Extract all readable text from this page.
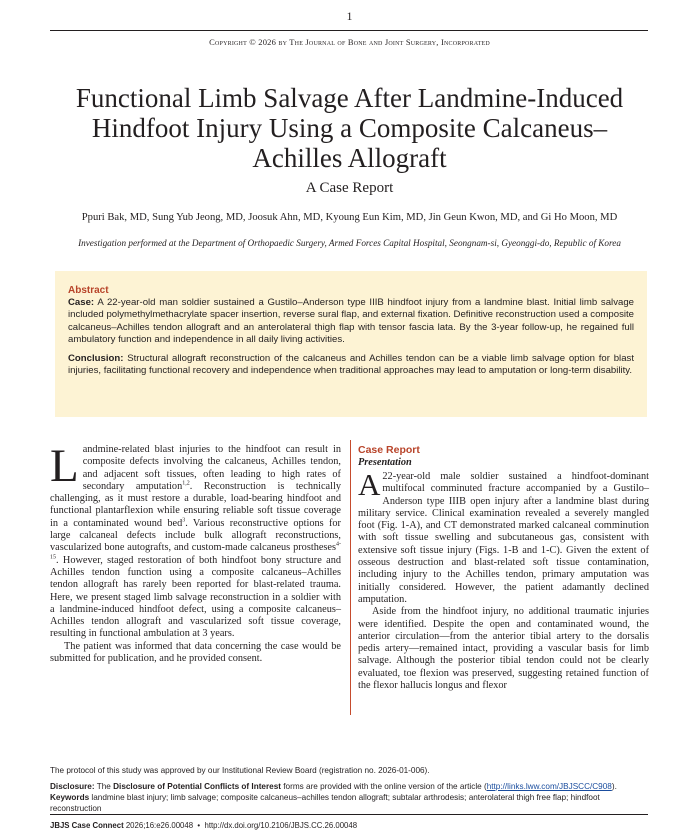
1
Copyright © 2026 by The Journal of Bone and Joint Surgery, Incorporated
Functional Limb Salvage After Landmine-Induced
Hindfoot Injury Using a Composite Calcaneus–
Achilles Allograft
A Case Report
Ppuri Bak, MD, Sung Yub Jeong, MD, Joosuk Ahn, MD, Kyoung Eun Kim, MD, Jin Geun Kwon, MD, and Gi Ho Moon, MD
Investigation performed at the Department of Orthopaedic Surgery, Armed Forces Capital Hospital, Seongnam-si, Gyeonggi-do, Republic of Korea
Abstract

Case: A 22-year-old man soldier sustained a Gustilo–Anderson type IIIB hindfoot injury from a landmine blast. Initial limb salvage included polymethylmethacrylate spacer insertion, reverse sural flap, and external fixation. Definitive reconstruction used a composite calcaneus–Achilles tendon allograft and an anterolateral thigh flap with tensor fascia lata. By the 3-year follow-up, he regained full ambulatory function and independence in all daily living activities.

Conclusion: Structural allograft reconstruction of the calcaneus and Achilles tendon can be a viable limb salvage option for blast injuries, facilitating functional recovery and independence when traditional approaches may lead to amputation or long-term disability.

Landmine-related blast injuries to the hindfoot can result in composite defects involving the calcaneus, Achilles tendon, and adjacent soft tissues, often leading to high rates of secondary amputation$^{1,2}$. Reconstruction is technically challenging, as it must restore a durable, load-bearing hindfoot and functional plantarflexion while ensuring reliable soft tissue coverage in a contaminated wound bed$^3$. Various reconstructive options for large calcaneal defects include bulk allograft reconstructions, vascularized bone autografts, and custom-made calcaneus prostheses$^{4-15}$. However, staged restoration of both hindfoot bony structure and Achilles tendon function using a composite calcaneus–Achilles tendon allograft has rarely been reported for blast-related trauma. Here, we present staged limb salvage reconstruction in a soldier with a landmine-induced hindfoot defect, using a composite calcaneus–Achilles tendon allograft and vascularized soft tissue coverage, resulting in functional ambulation at 3 years.

The patient was informed that data concerning the case would be submitted for publication, and he provided consent.

Case Report
Presentation

A 22-year-old male soldier sustained a hindfoot-dominant multifocal comminuted fracture accompanied by a Gustilo–Anderson type IIIB open injury after a landmine blast during military service. Clinical examination revealed a severely mangled foot (Fig. 1-A), and CT demonstrated marked calcaneal comminution with soft tissue swelling and subcutaneous gas, consistent with extensive soft tissue injury (Figs. 1-B and 1-C). Given the extent of osseous destruction and blast-related soft tissue contamination, including injury to the Achilles tendon, primary amputation was initially considered. However, the patient adamantly declined amputation.

Aside from the hindfoot injury, no additional traumatic injuries were identified. Despite the open and contaminated wound, the anterior circulation—from the anterior tibial artery to the dorsalis pedis artery—remained intact, providing a vascular basis for limb salvage. Although the posterior tibial tendon could not be clearly evaluated, toe flexion was preserved, suggesting retained function of the flexor hallucis longus and flexor

The protocol of this study was approved by our Institutional Review Board (registration no. 2026-01-006).
Disclosure: The Disclosure of Potential Conflicts of Interest forms are provided with the online version of the article (http://links.lww.com/JBJSCC/C908).
Keywords landmine blast injury; limb salvage; composite calcaneus–achilles tendon allograft; subtalar arthrodesis; anterolateral thigh free flap; hindfoot reconstruction
JBJS Case Connect 2026;16:e26.00048 • http://dx.doi.org/10.2106/JBJS.CC.26.00048
